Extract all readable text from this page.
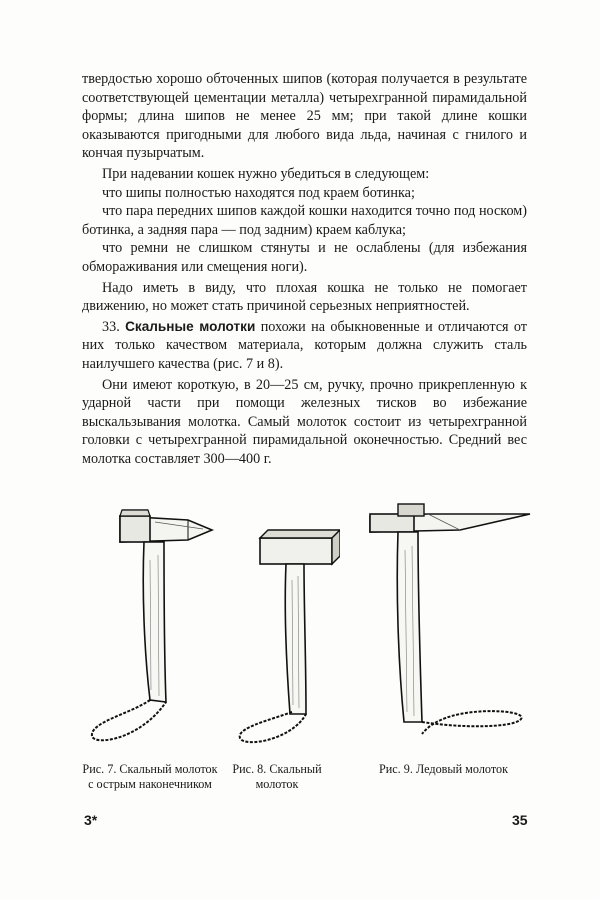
твердостью хорошо обточенных шипов (которая получается в результате соответствующей цементации металла) четырехгранной пирамидальной формы; длина шипов не менее 25 мм; при такой длине кошки оказываются пригодными для любого вида льда, начиная с гнилого и кончая пузырчатым.

При надевании кошек нужно убедиться в следующем:

что шипы полностью находятся под краем ботинка;

что пара передних шипов каждой кошки находится точно под носком) ботинка, а задняя пара — под задним) краем каблука;

что ремни не слишком стянуты и не ослаблены (для избежания обмораживания или смещения ноги).

Надо иметь в виду, что плохая кошка не только не помогает движению, но может стать причиной серьезных неприятностей.

33. Скальные молотки похожи на обыкновенные и отличаются от них только качеством материала, которым должна служить сталь наилучшего качества (рис. 7 и 8).

Они имеют короткую, в 20—25 см, ручку, прочно прикрепленную к ударной части при помощи железных тисков во избежание выскальзывания молотка. Самый молоток состоит из четырехгранной головки с четырехгранной пирамидальной оконечностью. Средний вес молотка составляет 300—400 г.

Рис. 7. Скальный молоток с острым наконечником
Рис. 8. Скальный молоток
Рис. 9. Ледовый молоток
3*	35
